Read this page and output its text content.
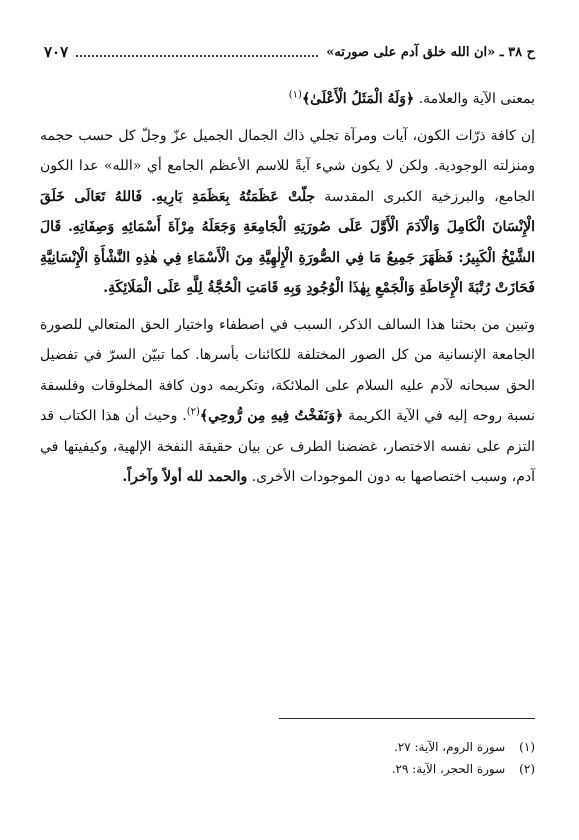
ح ٣٨ ـ «ان الله خلق آدم على صورته»
٧٠٧

بمعنى الآية والعلامة. ﴿وَلَهُ الْمَثَلُ الْأَعْلَىٰ﴾$^{(١)}$

إن كافة ذرّات الكون، آيات ومرآة تجلي ذاك الجمال الجميل عزّ وجلّ كل حسب حجمه ومنزلته الوجودية. ولكن لا يكون شيء آيةً للاسم الأعظم الجامع أي «الله» عدا الكون الجامع، والبرزخية الكبرى المقدسة جلّتْ عَظَمَتُهُ بِعَظَمَةِ بَارِيهِ. فَاللهُ تَعَالَى خَلَقَ الْإِنْسَانَ الْكَامِلَ وَالْآدَمَ الْأَوَّلَ عَلَى صُورَتِهِ الْجَامِعَةِ وَجَعَلَهُ مِرْآةَ أَسْمَائِهِ وَصِفَاتِهِ. قَالَ الشَّيْخُ الْكَبِيرُ: فَظَهَرَ جَمِيعُ مَا فِي الصُّورَةِ الْإِلٰهِيَّةِ مِنَ الْأَسْمَاءِ فِي هٰذِهِ النَّشْأَةِ الْإِنْسَانِيَّةِ فَحَازَتْ رُتْبَةَ الْإِحَاطَةِ وَالْجَمْعِ بِهٰذَا الْوُجُودِ وَبِهِ قَامَتِ الْحُجَّةُ لِلَّهِ عَلَى الْمَلَائِكَةِ.

وتبين من بحثنا هذا السالف الذكر، السبب في اصطفاء واختيار الحق المتعالي للصورة الجامعة الإنسانية من كل الصور المختلفة للكائنات بأسرها. كما تبيّن السرّ في تفضيل الحق سبحانه لآدم عليه السلام على الملائكة، وتكريمه دون كافة المخلوقات وفلسفة نسبة روحه إليه في الآية الكريمة ﴿وَنَفَخْتُ فِيهِ مِن رُّوحِي﴾$^{(٢)}$. وحيث أن هذا الكتاب قد التزم على نفسه الاختصار، غضضنا الطرف عن بيان حقيقة النفخة الإلهية، وكيفيتها في آدم، وسبب اختصاصها به دون الموجودات الأخرى. والحمد لله أولاً وآخراً.

(١) سورة الروم، الآية: ٢٧.
(٢) سورة الحجر، الآية: ٢٩.
